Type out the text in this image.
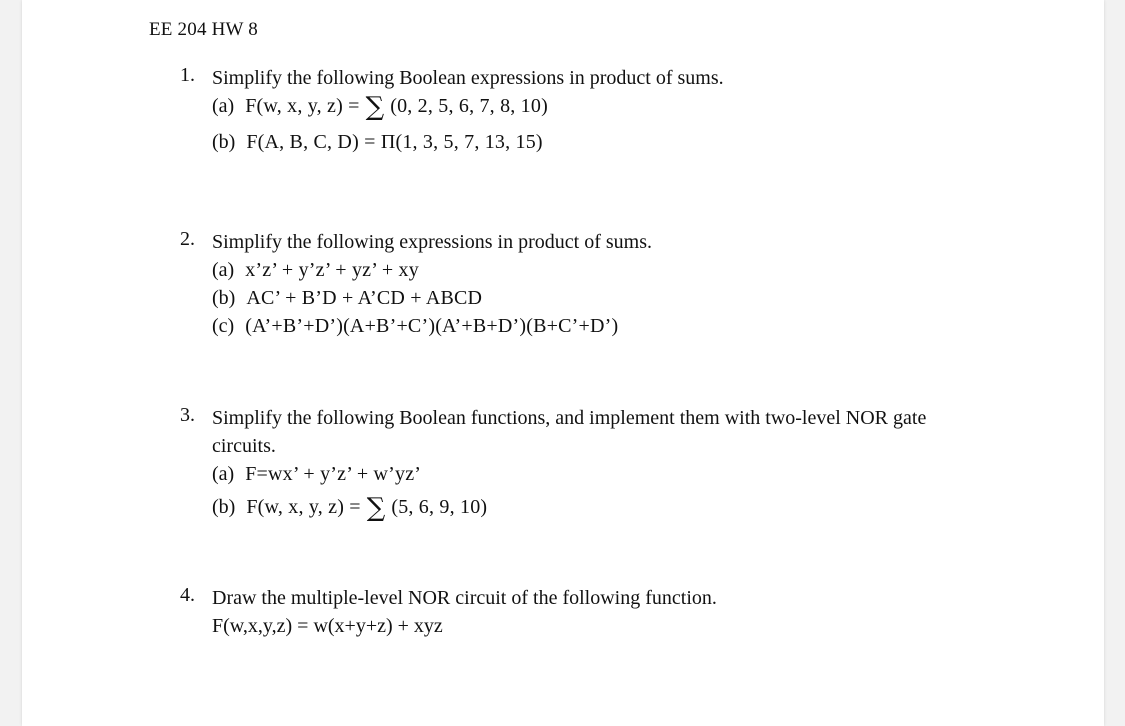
EE 204 HW 8
1. Simplify the following Boolean expressions in product of sums.
(a) F(w, x, y, z) = ∑ (0, 2, 5, 6, 7, 8, 10)
(b) F(A, B, C, D) = Π(1, 3, 5, 7, 13, 15)
2. Simplify the following expressions in product of sums.
(a) x’z’ + y’z’ + yz’ + xy
(b) AC’ + B’D + A’CD + ABCD
(c) (A’+B’+D’)(A+B’+C’)(A’+B+D’)(B+C’+D’)
3. Simplify the following Boolean functions, and implement them with two-level NOR gate
circuits.
(a) F=wx’ + y’z’ + w’yz’
(b) F(w, x, y, z) = ∑ (5, 6, 9, 10)
4. Draw the multiple-level NOR circuit of the following function.
F(w,x,y,z) = w(x+y+z) + xyz
